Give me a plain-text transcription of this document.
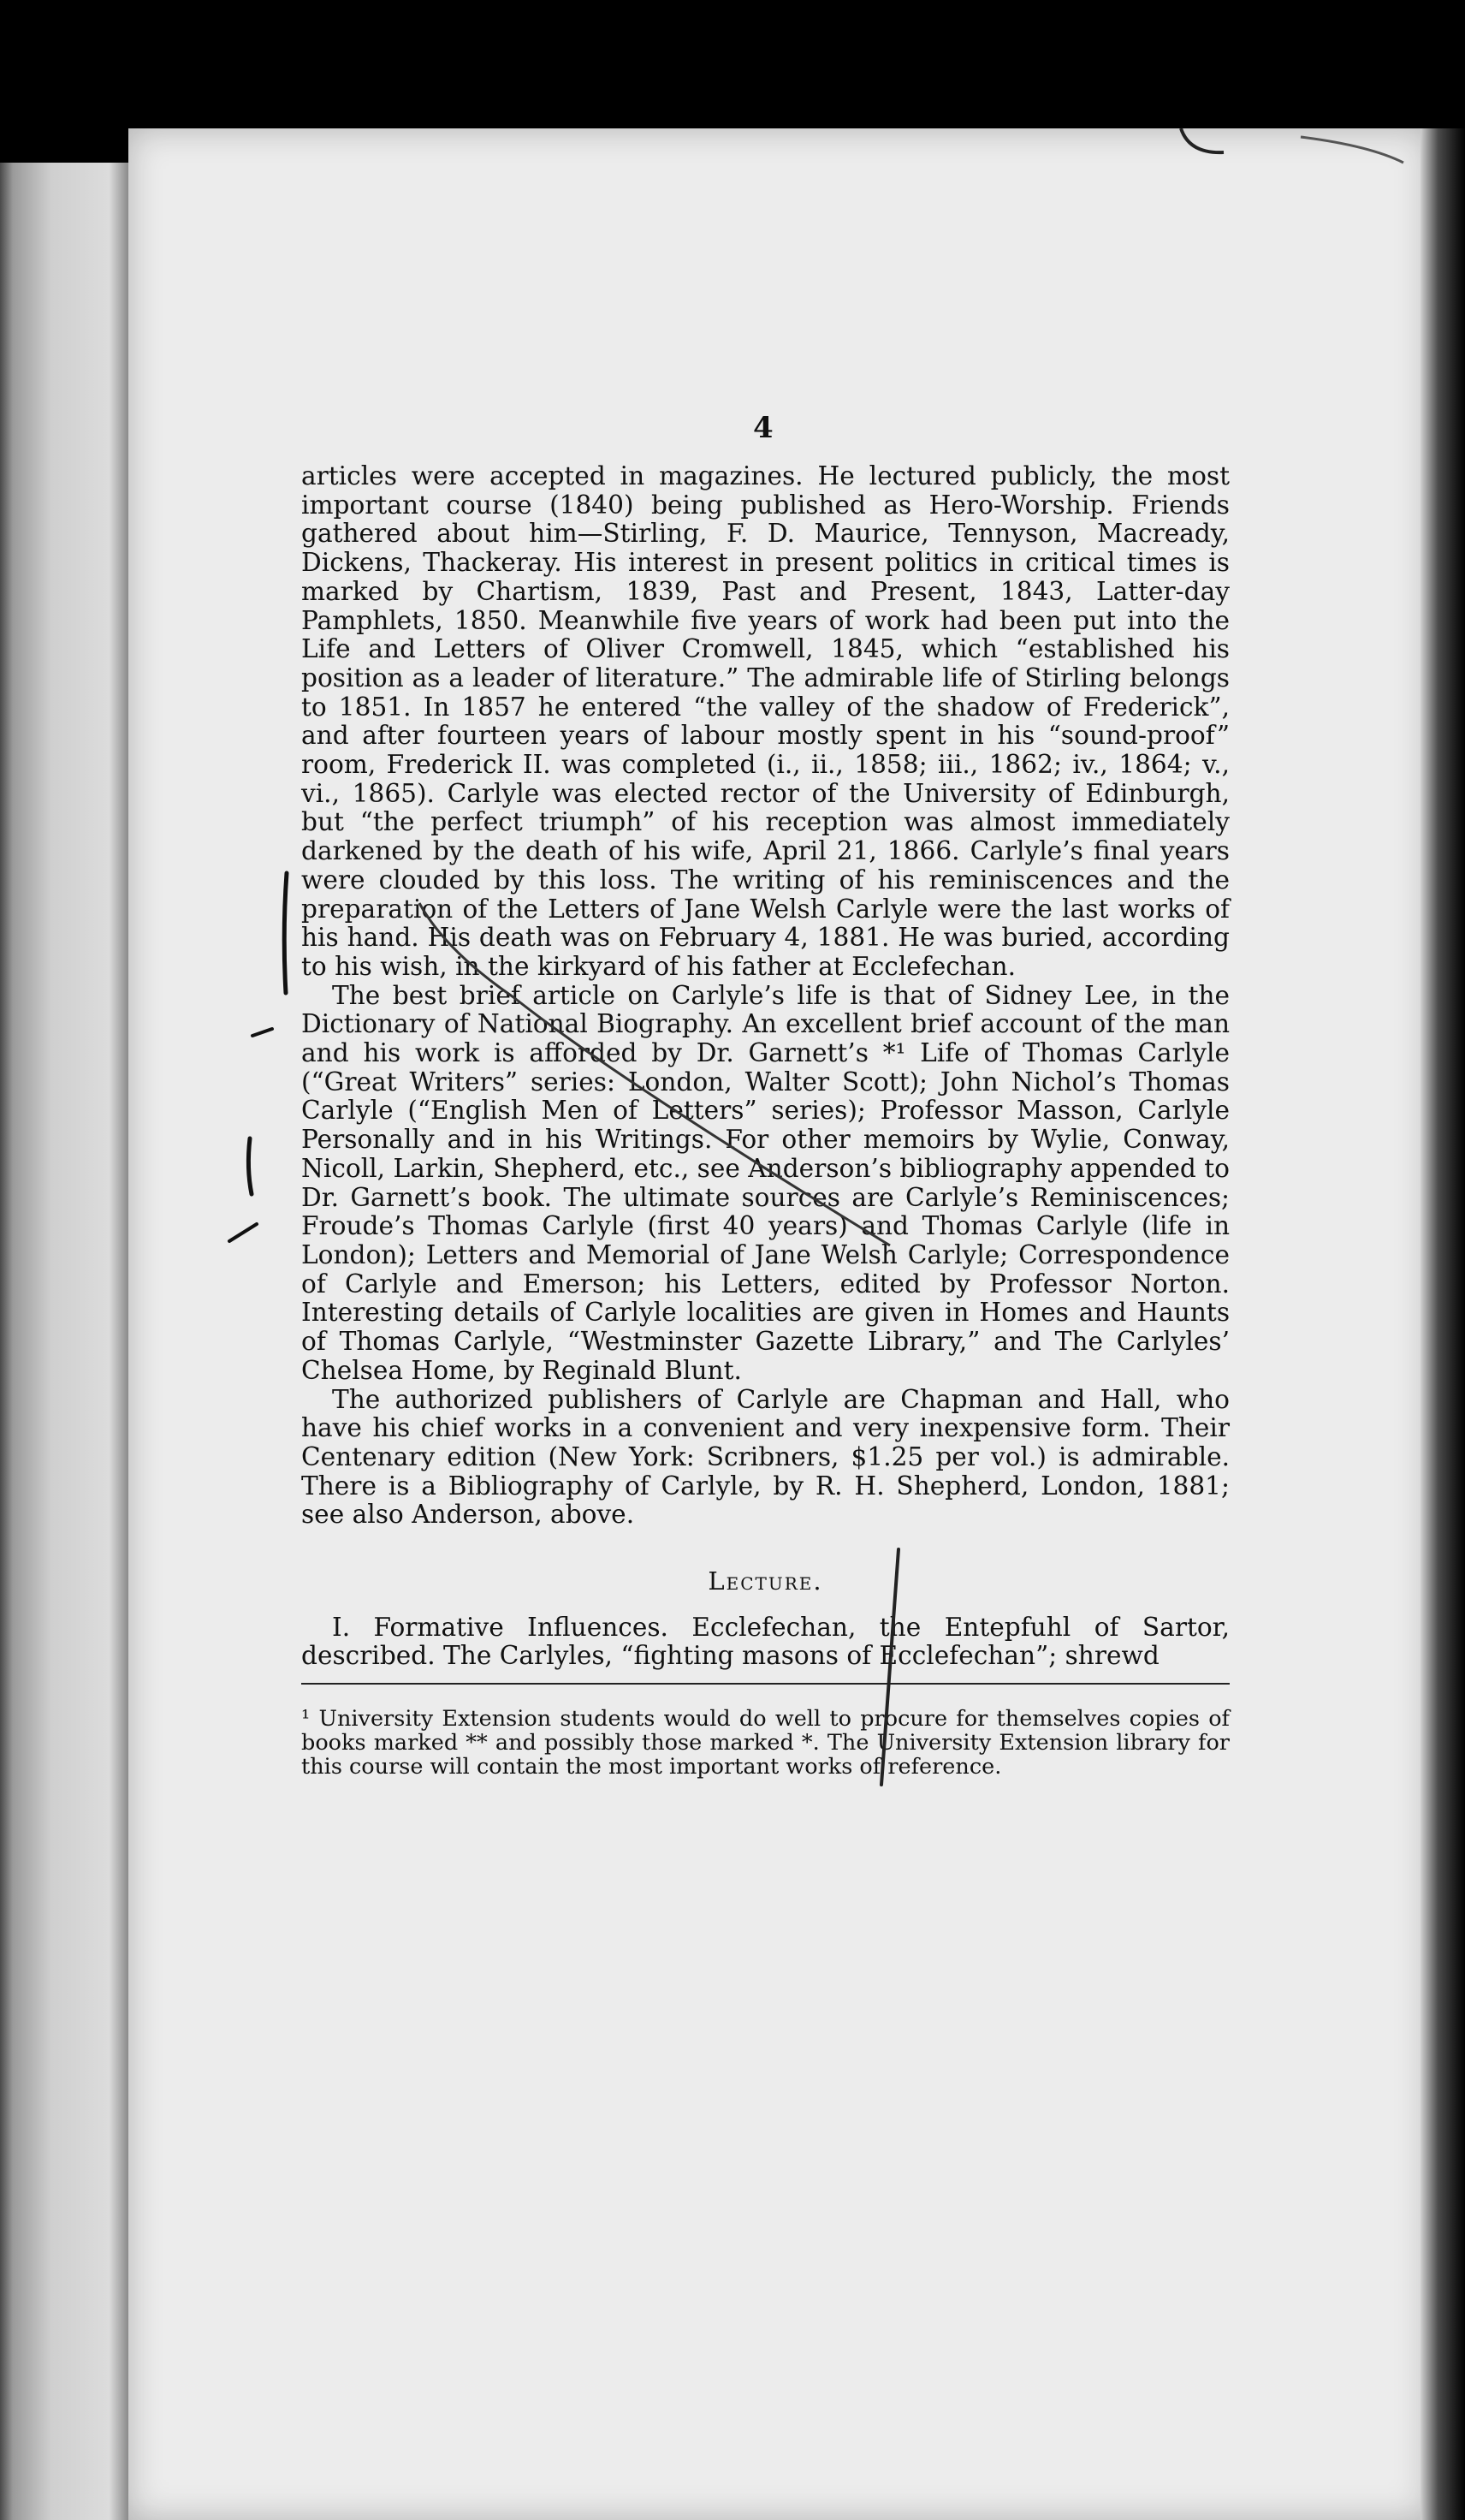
4

articles were accepted in magazines. He lectured publicly, the most important course (1840) being published as Hero-Worship. Friends gathered about him—Stirling, F. D. Maurice, Tennyson, Macready, Dickens, Thackeray. His interest in present politics in critical times is marked by Chartism, 1839, Past and Present, 1843, Latter-day Pamphlets, 1850. Meanwhile five years of work had been put into the Life and Letters of Oliver Cromwell, 1845, which “established his position as a leader of literature.” The admirable life of Stirling belongs to 1851. In 1857 he entered “the valley of the shadow of Frederick”, and after fourteen years of labour mostly spent in his “sound-proof” room, Frederick II. was completed (i., ii., 1858; iii., 1862; iv., 1864; v., vi., 1865). Carlyle was elected rector of the University of Edinburgh, but “the perfect triumph” of his reception was almost immediately darkened by the death of his wife, April 21, 1866. Carlyle’s final years were clouded by this loss. The writing of his reminiscences and the preparation of the Letters of Jane Welsh Carlyle were the last works of his hand. His death was on February 4, 1881. He was buried, according to his wish, in the kirkyard of his father at Ecclefechan.

The best brief article on Carlyle’s life is that of Sidney Lee, in the Dictionary of National Biography. An excellent brief account of the man and his work is afforded by Dr. Garnett’s *¹ Life of Thomas Carlyle (“Great Writers” series: London, Walter Scott); John Nichol’s Thomas Carlyle (“English Men of Letters” series); Professor Masson, Carlyle Personally and in his Writings. For other memoirs by Wylie, Conway, Nicoll, Larkin, Shepherd, etc., see Anderson’s bibliography appended to Dr. Garnett’s book. The ultimate sources are Carlyle’s Reminiscences; Froude’s Thomas Carlyle (first 40 years) and Thomas Carlyle (life in London); Letters and Memorial of Jane Welsh Carlyle; Correspondence of Carlyle and Emerson; his Letters, edited by Professor Norton. Interesting details of Carlyle localities are given in Homes and Haunts of Thomas Carlyle, “Westminster Gazette Library,” and The Carlyles’ Chelsea Home, by Reginald Blunt.

The authorized publishers of Carlyle are Chapman and Hall, who have his chief works in a convenient and very inexpensive form. Their Centenary edition (New York: Scribners, $1.25 per vol.) is admirable. There is a Bibliography of Carlyle, by R. H. Shepherd, London, 1881; see also Anderson, above.

Lecture.

I. Formative Influences. Ecclefechan, the Entepfuhl of Sartor, described. The Carlyles, “fighting masons of Ecclefechan”; shrewd

¹ University Extension students would do well to procure for themselves copies of books marked ** and possibly those marked *. The University Extension library for this course will contain the most important works of reference.
